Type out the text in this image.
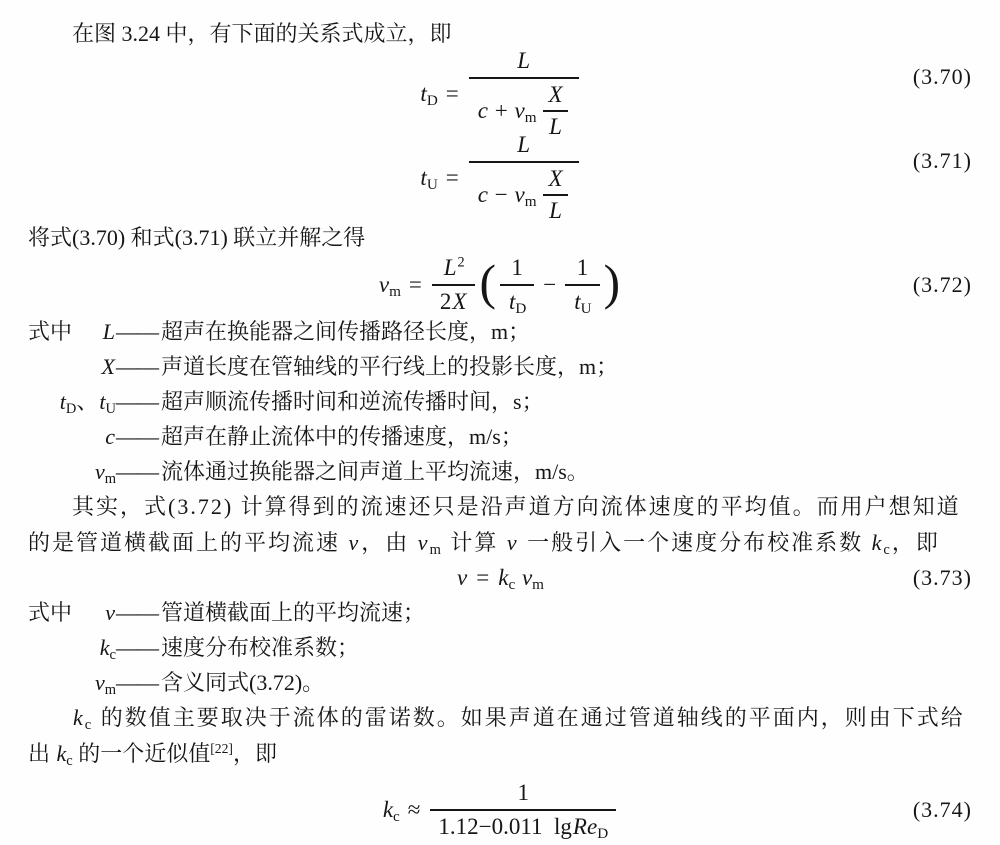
在图 3.24 中，有下面的关系式成立，即

$t_D = \frac{L}{c + v_m \frac{X}{L}}$	(3.70)
$t_U = \frac{L}{c - v_m \frac{X}{L}}$	(3.71)

将式(3.70) 和式(3.71) 联立并解之得

$v_m = \frac{L^2}{2X}$ ( $\frac{1}{t_D} - \frac{1}{t_U}$ )	(3.72)
式中 L —— 超声在换能器之间传播路径长度，m；
X —— 声道长度在管轴线的平行线上的投影长度，m；
$t_D$、$t_U$ —— 超声顺流传播时间和逆流传播时间，s；
c —— 超声在静止流体中的传播速度，m/s；
$v_m$ —— 流体通过换能器之间声道上平均流速，m/s。

其实，式(3.72) 计算得到的流速还只是沿声道方向流体速度的平均值。而用户想知道

的是管道横截面上的平均流速 v，由 $v_m$ 计算 v 一般引入一个速度分布校准系数 $k_c$，即

$v = k_c$ $v_m$	(3.73)
式中 v —— 管道横截面上的平均流速；
$k_c$ —— 速度分布校准系数；
$v_m$ —— 含义同式(3.72)。

$k_c$ 的数值主要取决于流体的雷诺数。如果声道在通过管道轴线的平面内，则由下式给

出 $k_c$ 的一个近似值[22]，即

$k_c \approx \frac{1}{1.12-0.011 lgRe_D}$	(3.74)
